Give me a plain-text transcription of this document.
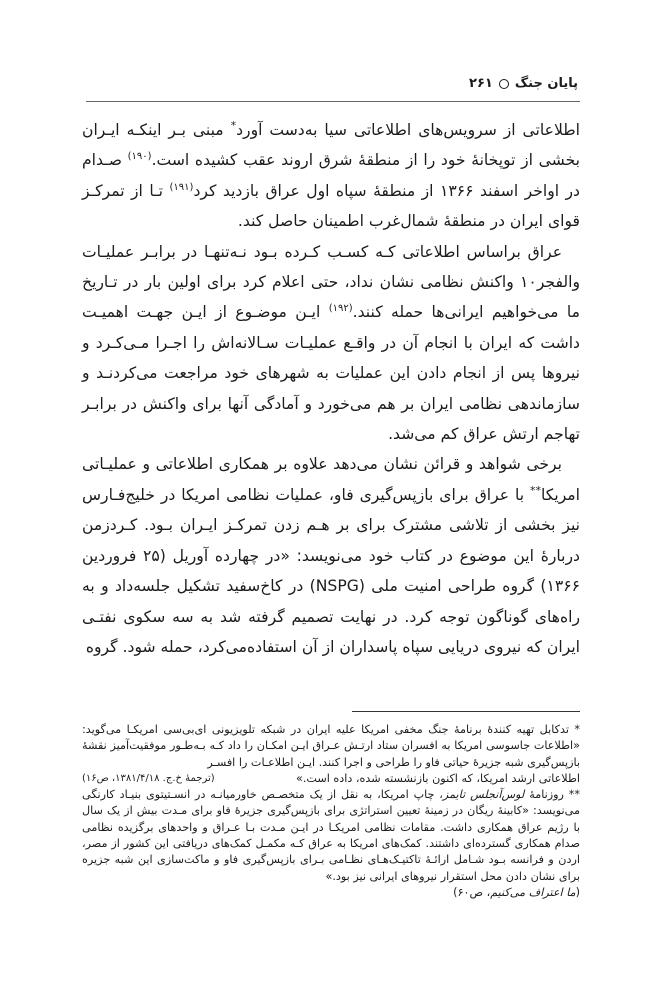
پایان جنگ
۲۶۱

اطلاعاتی از سرویس‌های اطلاعاتی سیا به‌دست آورد* مبنی بـر اینکـه ایـران بخشی از توپخانهٔ خود را از منطقهٔ شرق اروند عقب کشیده است.$^{(۱۹۰)}$ صـدام در اواخر اسفند ۱۳۶۶ از منطقهٔ سپاه اول عراق بازدید کرد$^{(۱۹۱)}$ تـا از تمرکـز قوای ایران در منطقهٔ شمال‌غرب اطمینان حاصل کند.

عراق براساس اطلاعاتی کـه کسـب کـرده بـود نـه‌تنهـا در برابـر عملیـات والفجر۱۰ واکنش نظامی نشان نداد، حتی اعلام کرد برای اولین بار در تـاریخ ما می‌خواهیم ایرانی‌ها حمله کنند.$^{(۱۹۲)}$ ایـن موضـوع از ایـن جهـت اهمیـت داشت که ایران با انجام آن در واقـع عملیـات سـالانه‌اش را اجـرا مـی‌کـرد و نیروها پس از انجام دادن این عملیات به شهرهای خود مراجعت می‌کردنـد و سازماندهی نظامی ایران بر هم می‌خورد و آمادگی آنها برای واکنش در برابـر تهاجم ارتش عراق کم می‌شد.

برخی شواهد و قرائن نشان می‌دهد علاوه بر همکاری اطلاعاتی و عملیـاتی امریکا** با عراق برای بازپس‌گیری فاو، عملیات نظامی امریکا در خلیج‌فـارس نیز بخشی از تلاشی مشترک برای بر هـم زدن تمرکـز ایـران بـود. کـردزمن دربارهٔ این موضوع در کتاب خود می‌نویسد: «در چهارده آوریل (۲۵ فروردین ۱۳۶۶) گروه طراحی امنیت ملی (NSPG) در کاخ‌سفید تشکیل جلسه‌داد و به راه‌های گوناگون توجه کرد. در نهایت تصمیم گرفته شد به سه سکوی نفتـی ایران که نیروی دریایی سپاه پاسداران از آن استفاده‌می‌کرد، حمله شود. گروه

* تدکابل تهیه کنندهٔ برنامهٔ جنگ مخفی امریکا علیه ایران در شبکه تلویزیونی ای‌بی‌سی امریکـا می‌گوید: «اطلاعات جاسوسی امریکا به افسران ستاد ارتـش عـراق ایـن امکـان را داد کـه بـه‌طـور موفقیت‌آمیز نقشهٔ بازپس‌گیری شبه جزیرهٔ حیاتی فاو را طراحی و اجرا کنند. ایـن اطلاعـات را افسـر
اطلاعاتی ارشد امریکا، که اکنون بازنشسته شده، داده است.»
(ترجمهٔ خ.ج. ۱۳۸۱/۴/۱۸، ص۱۶)

** روزنامهٔ لوس‌آنجلس تایمز، چاپ امریکا، به نقل از یک متخصـص خاورمیانـه در انسـتیتوی بنیـاد کارنگی می‌نویسد: «کابینهٔ ریگان در زمینهٔ تعیین استراتژی برای بازپس‌گیری جزیرهٔ فاو برای مـدت بیش از یک سال با رژیم عراق همکاری داشت. مقامات نظامی امریکـا در ایـن مـدت بـا عـراق و واحدهای برگزیده نظامی صدام همکاری گسترده‌ای داشتند. کمک‌های امریکا به عراق کـه مکمـل کمک‌های دریافتی این کشور از مصر، اردن و فرانسه بـود شـامل ارائـهٔ تاکتیـک‌هـای نظـامی بـرای بازپس‌گیری فاو و ماکت‌سازی این شبه جزیره برای نشان دادن محل استقرار نیروهای ایرانی نیز بود.»

(ما اعتراف می‌کنیم، ص۶۰)
